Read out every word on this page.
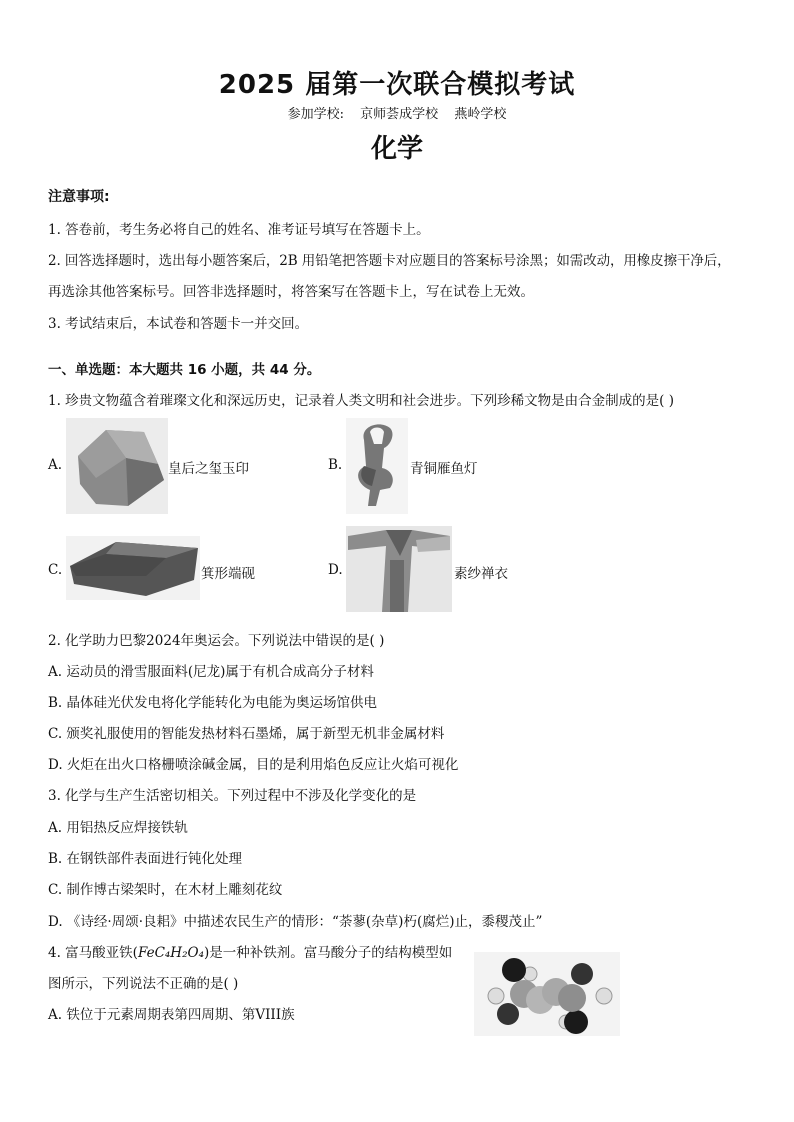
2025 届第一次联合模拟考试
参加学校: 京师荟成学校 燕岭学校
化学
注意事项:
1. 答卷前，考生务必将自己的姓名、准考证号填写在答题卡上。
2. 回答选择题时，选出每小题答案后，2B 用铅笔把答题卡对应题目的答案标号涂黑；如需改动，用橡皮擦干净后，
再选涂其他答案标号。回答非选择题时，将答案写在答题卡上，写在试卷上无效。
3. 考试结束后，本试卷和答题卡一并交回。
一、单选题：本大题共 16 小题，共 44 分。
1. 珍贵文物蕴含着璀璨文化和深远历史，记录着人类文明和社会进步。下列珍稀文物是由合金制成的是( )
A.	皇后之玺玉印	B.	青铜雁鱼灯
C.	箕形端砚	D.	素纱禅衣
2. 化学助力巴黎2024年奥运会。下列说法中错误的是( )
A. 运动员的滑雪服面料(尼龙)属于有机合成高分子材料
B. 晶体硅光伏发电将化学能转化为电能为奥运场馆供电
C. 颁奖礼服使用的智能发热材料石墨烯，属于新型无机非金属材料
D. 火炬在出火口格栅喷涂碱金属，目的是利用焰色反应让火焰可视化
3. 化学与生产生活密切相关。下列过程中不涉及化学变化的是
A. 用铝热反应焊接铁轨
B. 在钢铁部件表面进行钝化处理
C. 制作博古梁架时，在木材上雕刻花纹
D. 《诗经·周颂·良耜》中描述农民生产的情形：“荼蓼(杂草)朽(腐烂)止，黍稷茂止”
4. 富马酸亚铁(FeC₄H₂O₄)是一种补铁剂。富马酸分子的结构模型如
图所示，下列说法不正确的是( )
A. 铁位于元素周期表第四周期、第VIII族
